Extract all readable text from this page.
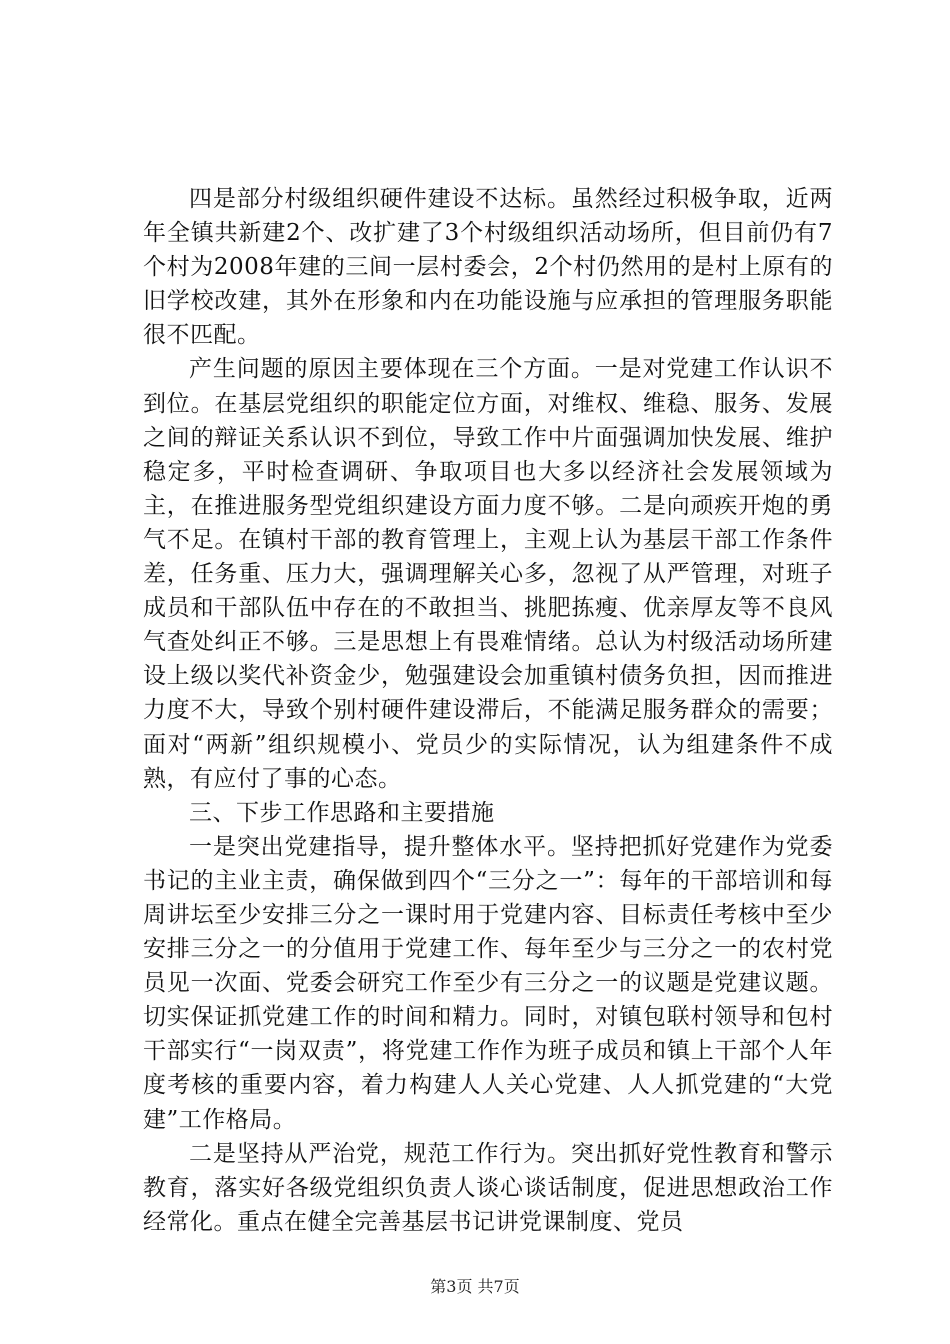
四是部分村级组织硬件建设不达标。虽然经过积极争取，近两年全镇共新建2个、改扩建了3个村级组织活动场所，但目前仍有7个村为2008年建的三间一层村委会，2个村仍然用的是村上原有的旧学校改建，其外在形象和内在功能设施与应承担的管理服务职能很不匹配。

产生问题的原因主要体现在三个方面。一是对党建工作认识不到位。在基层党组织的职能定位方面，对维权、维稳、服务、发展之间的辩证关系认识不到位，导致工作中片面强调加快发展、维护稳定多，平时检查调研、争取项目也大多以经济社会发展领域为主，在推进服务型党组织建设方面力度不够。二是向顽疾开炮的勇气不足。在镇村干部的教育管理上，主观上认为基层干部工作条件差，任务重、压力大，强调理解关心多，忽视了从严管理，对班子成员和干部队伍中存在的不敢担当、挑肥拣瘦、优亲厚友等不良风气查处纠正不够。三是思想上有畏难情绪。总认为村级活动场所建设上级以奖代补资金少，勉强建设会加重镇村债务负担，因而推进力度不大，导致个别村硬件建设滞后，不能满足服务群众的需要；面对“两新”组织规模小、党员少的实际情况，认为组建条件不成熟，有应付了事的心态。

三、下步工作思路和主要措施

一是突出党建指导，提升整体水平。坚持把抓好党建作为党委书记的主业主责，确保做到四个“三分之一”：每年的干部培训和每周讲坛至少安排三分之一课时用于党建内容、目标责任考核中至少安排三分之一的分值用于党建工作、每年至少与三分之一的农村党员见一次面、党委会研究工作至少有三分之一的议题是党建议题。切实保证抓党建工作的时间和精力。同时，对镇包联村领导和包村干部实行“一岗双责”，将党建工作作为班子成员和镇上干部个人年度考核的重要内容，着力构建人人关心党建、人人抓党建的“大党建”工作格局。

二是坚持从严治党，规范工作行为。突出抓好党性教育和警示教育，落实好各级党组织负责人谈心谈话制度，促进思想政治工作经常化。重点在健全完善基层书记讲党课制度、党员

第3页 共7页
